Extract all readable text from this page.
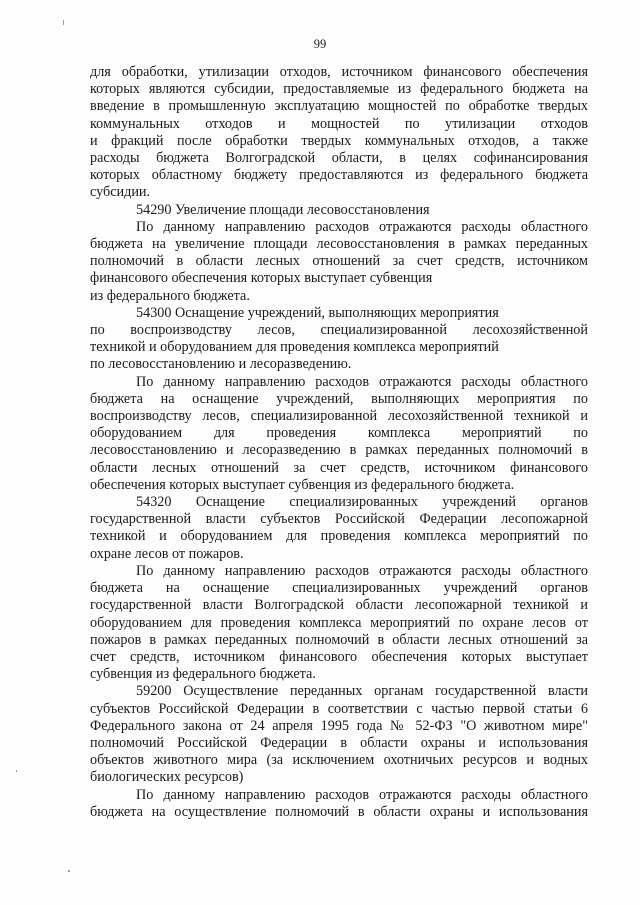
99
для обработки, утилизации отходов, источником финансового обеспечения
которых являются субсидии, предоставляемые из федерального бюджета на
введение в промышленную эксплуатацию мощностей по обработке твердых
коммунальных отходов и мощностей по утилизации отходов
и фракций после обработки твердых коммунальных отходов, а также
расходы бюджета Волгоградской области, в целях софинансирования
которых областному бюджету предоставляются из федерального бюджета
субсидии.
54290 Увеличение площади лесовосстановления
По данному направлению расходов отражаются расходы областного
бюджета на увеличение площади лесовосстановления в рамках переданных
полномочий в области лесных отношений за счет средств, источником
финансового обеспечения которых выступает субвенция
из федерального бюджета.
54300 Оснащение учреждений, выполняющих мероприятия
по воспроизводству лесов, специализированной лесохозяйственной
техникой и оборудованием для проведения комплекса мероприятий
по лесовосстановлению и лесоразведению.
По данному направлению расходов отражаются расходы областного
бюджета на оснащение учреждений, выполняющих мероприятия по
воспроизводству лесов, специализированной лесохозяйственной техникой и
оборудованием для проведения комплекса мероприятий по
лесовосстановлению и лесоразведению в рамках переданных полномочий в
области лесных отношений за счет средств, источником финансового
обеспечения которых выступает субвенция из федерального бюджета.
54320 Оснащение специализированных учреждений органов
государственной власти субъектов Российской Федерации лесопожарной
техникой и оборудованием для проведения комплекса мероприятий по
охране лесов от пожаров.
По данному направлению расходов отражаются расходы областного
бюджета на оснащение специализированных учреждений органов
государственной власти Волгоградской области лесопожарной техникой и
оборудованием для проведения комплекса мероприятий по охране лесов от
пожаров в рамках переданных полномочий в области лесных отношений за
счет средств, источником финансового обеспечения которых выступает
субвенция из федерального бюджета.
59200 Осуществление переданных органам государственной власти
субъектов Российской Федерации в соответствии с частью первой статьи 6
Федерального закона от 24 апреля 1995 года № 52-ФЗ "О животном мире"
полномочий Российской Федерации в области охраны и использования
объектов животного мира (за исключением охотничьих ресурсов и водных
биологических ресурсов)
По данному направлению расходов отражаются расходы областного
бюджета на осуществление полномочий в области охраны и использования
